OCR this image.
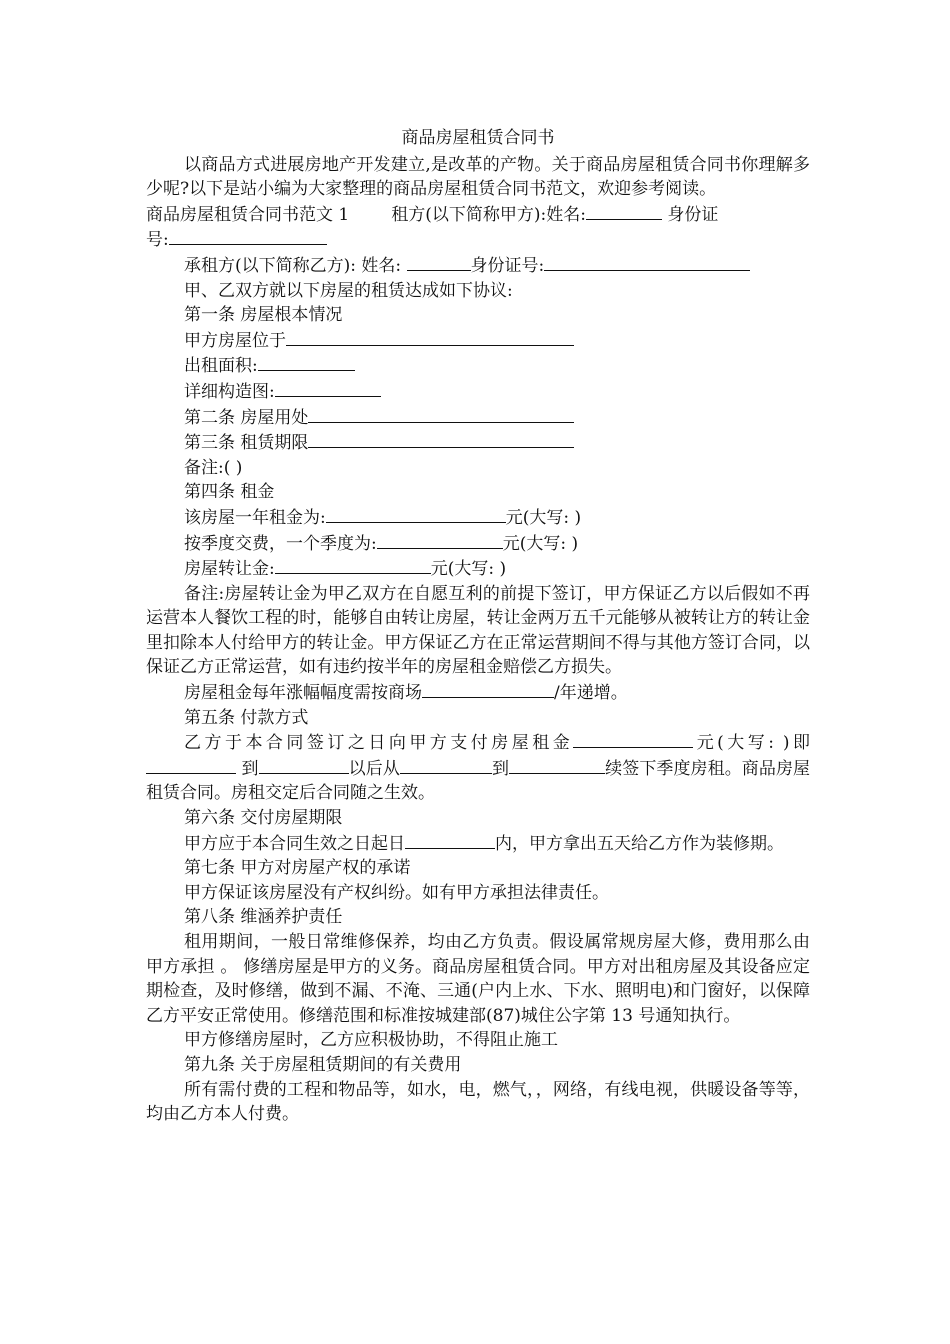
商品房屋租赁合同书
以商品方式进展房地产开发建立,是改革的产物。关于商品房屋租赁合同书你理解多少呢?以下是站小编为大家整理的商品房屋租赁合同书范文，欢迎参考阅读。
商品房屋租赁合同书范文 1 租方(以下简称甲方):姓名:	身份证
号:
承租方(以下简称乙方): 姓名:	身份证号:
甲、乙双方就以下房屋的租赁达成如下协议:
第一条 房屋根本情况
甲方房屋位于
出租面积:
详细构造图:
第二条 房屋用处
第三条 租赁期限
备注:( )
第四条 租金
该房屋一年租金为:	元(大写: )
按季度交费，一个季度为:	元(大写: )
房屋转让金:	元(大写: )
备注:房屋转让金为甲乙双方在自愿互利的前提下签订，甲方保证乙方以后假如不再运营本人餐饮工程的时，能够自由转让房屋，转让金两万五千元能够从被转让方的转让金里扣除本人付给甲方的转让金。甲方保证乙方在正常运营期间不得与其他方签订合同，以保证乙方正常运营，如有违约按半年的房屋租金赔偿乙方损失。
房屋租金每年涨幅幅度需按商场	/年递增。
第五条 付款方式
乙方于本合同签订之日向甲方支付房屋租金	元(大写: )即  到	以后从	到	续签下季度房租。商品房屋租赁合同。房租交定后合同随之生效。
第六条 交付房屋期限
甲方应于本合同生效之日起日	内，甲方拿出五天给乙方作为装修期。
第七条 甲方对房屋产权的承诺
甲方保证该房屋没有产权纠纷。如有甲方承担法律责任。
第八条 维涵养护责任
租用期间，一般日常维修保养，均由乙方负责。假设属常规房屋大修，费用那么由甲方承担 。 修缮房屋是甲方的义务。商品房屋租赁合同。甲方对出租房屋及其设备应定期检查，及时修缮，做到不漏、不淹、三通(户内上水、下水、照明电)和门窗好，以保障乙方平安正常使用。修缮范围和标准按城建部(87)城住公字第 13 号通知执行。
甲方修缮房屋时，乙方应积极协助，不得阻止施工
第九条 关于房屋租赁期间的有关费用
所有需付费的工程和物品等，如水，电，燃气，，网络，有线电视，供暖设备等等，均由乙方本人付费。
